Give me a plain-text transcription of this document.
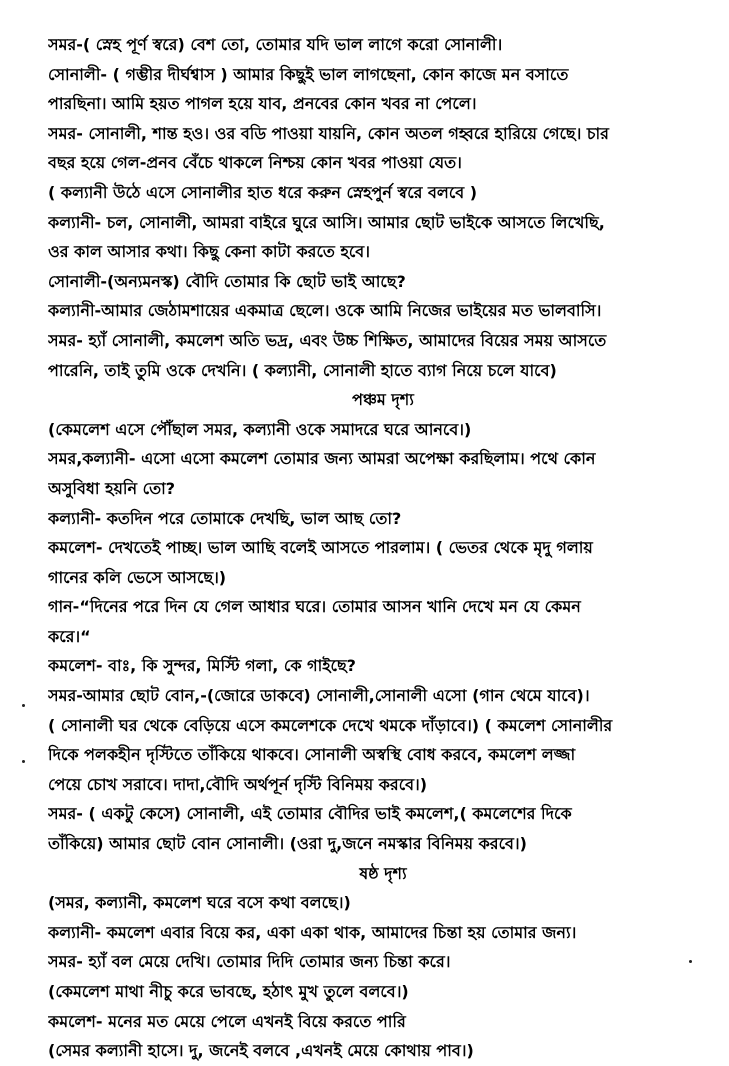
সমর-( স্নেহ পূর্ণ স্বরে) বেশ তো, তোমার যদি ভাল লাগে করো সোনালী।
সোনালী- ( গম্ভীর দীর্ঘশ্বাস ) আমার কিছুই ভাল লাগছেনা, কোন কাজে মন বসাতে
পারছিনা। আমি হয়ত পাগল হয়ে যাব, প্রনবের কোন খবর না পেলে।
সমর- সোনালী, শান্ত হও। ওর বডি পাওয়া যায়নি, কোন অতল গহ্বরে হারিয়ে গেছে। চার
বছর হয়ে গেল-প্রনব বেঁচে থাকলে নিশ্চয় কোন খবর পাওয়া যেত।
( কল্যানী উঠে এসে সোনালীর হাত ধরে করুন স্নেহপুর্ন স্বরে বলবে )
কল্যানী- চল, সোনালী, আমরা বাইরে ঘুরে আসি। আমার ছোট ভাইকে আসতে লিখেছি,
ওর কাল আসার কথা। কিছু কেনা কাটা করতে হবে।
সোনালী-(অন্যমনস্ক) বৌদি তোমার কি ছোট ভাই আছে?
কল্যানী-আমার জেঠামশায়ের একমাত্র ছেলে। ওকে আমি নিজের ভাইয়ের মত ভালবাসি।
সমর- হ্যাঁ সোনালী, কমলেশ অতি ভদ্র, এবং উচ্চ শিক্ষিত, আমাদের বিয়ের সময় আসতে
পারেনি, তাই তুমি ওকে দেখনি। ( কল্যানী, সোনালী হাতে ব্যাগ নিয়ে চলে যাবে)
পঞ্চম দৃশ্য
(কেমলেশ এসে পৌঁছাল সমর, কল্যানী ওকে সমাদরে ঘরে আনবে।)
সমর,কল্যানী- এসো এসো কমলেশ তোমার জন্য আমরা অপেক্ষা করছিলাম। পথে কোন
অসুবিধা হয়নি তো?
কল্যানী- কতদিন পরে তোমাকে দেখছি, ভাল আছ তো?
কমলেশ- দেখতেই পাচ্ছ। ভাল আছি বলেই আসতে পারলাম। ( ভেতর থেকে মৃদু গলায়
গানের কলি ভেসে আসছে।)
গান-“দিনের পরে দিন যে গেল আধার ঘরে। তোমার আসন খানি দেখে মন যে কেমন
করে।“
কমলেশ- বাঃ, কি সুন্দর, মিস্টি গলা, কে গাইছে?
সমর-আমার ছোট বোন,-(জোরে ডাকবে) সোনালী,সোনালী এসো (গান থেমে যাবে)।
( সোনালী ঘর থেকে বেড়িয়ে এসে কমলেশকে দেখে থমকে দাঁড়াবে।) ( কমলেশ সোনালীর
দিকে পলকহীন দৃস্টিতে তাঁকিয়ে থাকবে। সোনালী অস্বস্থি বোধ করবে, কমলেশ লজ্জা
পেয়ে চোখ সরাবে। দাদা,বৌদি অর্থপূর্ন দৃস্টি বিনিময় করবে।)
সমর- ( একটু কেসে) সোনালী, এই তোমার বৌদির ভাই কমলেশ,( কমলেশের দিকে
তাঁকিয়ে) আমার ছোট বোন সোনালী। (ওরা দু,জনে নমস্কার বিনিময় করবে।)
ষষ্ঠ দৃশ্য
(সমর, কল্যানী, কমলেশ ঘরে বসে কথা বলছে।)
কল্যানী- কমলেশ এবার বিয়ে কর, একা একা থাক, আমাদের চিন্তা হয় তোমার জন্য।
সমর- হ্যাঁ বল মেয়ে দেখি। তোমার দিদি তোমার জন্য চিন্তা করে।
(কেমলেশ মাথা নীচু করে ভাবছে, হঠাৎ মুখ তুলে বলবে।)
কমলেশ- মনের মত মেয়ে পেলে এখনই বিয়ে করতে পারি
(সেমর কল্যানী হাসে। দু, জনেই বলবে ,এখনই মেয়ে কোথায় পাব।)
